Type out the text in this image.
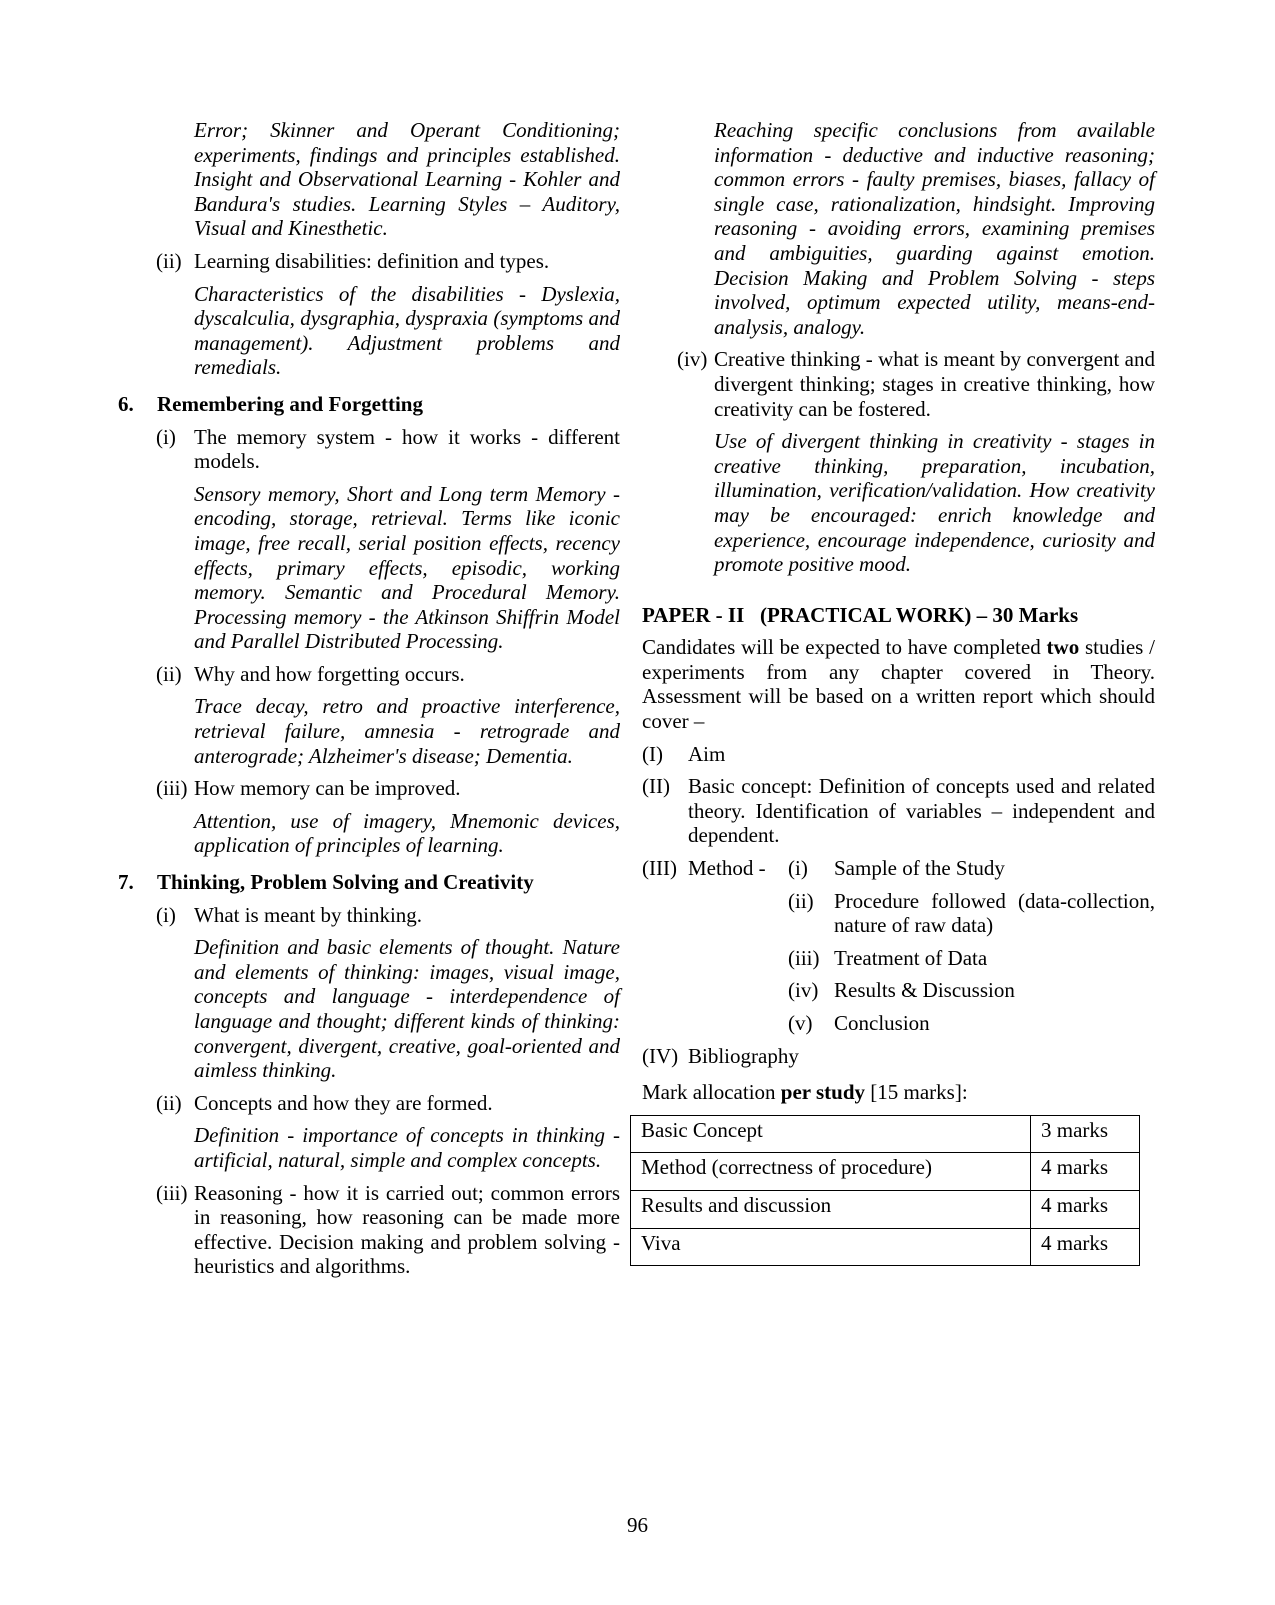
Error; Skinner and Operant Conditioning; experiments, findings and principles established. Insight and Observational Learning - Kohler and Bandura's studies. Learning Styles – Auditory, Visual and Kinesthetic.

(ii) Learning disabilities: definition and types.

Characteristics of the disabilities - Dyslexia, dyscalculia, dysgraphia, dyspraxia (symptoms and management). Adjustment problems and remedials.

6.	Remembering and Forgetting
(i) The memory system - how it works - different models.

Sensory memory, Short and Long term Memory - encoding, storage, retrieval. Terms like iconic image, free recall, serial position effects, recency effects, primary effects, episodic, working memory. Semantic and Procedural Memory. Processing memory - the Atkinson Shiffrin Model and Parallel Distributed Processing.

(ii) Why and how forgetting occurs.

Trace decay, retro and proactive interference, retrieval failure, amnesia - retrograde and anterograde; Alzheimer's disease; Dementia.

(iii) How memory can be improved.

Attention, use of imagery, Mnemonic devices, application of principles of learning.

7.	Thinking, Problem Solving and Creativity
(i) What is meant by thinking.

Definition and basic elements of thought. Nature and elements of thinking: images, visual image, concepts and language - interdependence of language and thought; different kinds of thinking: convergent, divergent, creative, goal-oriented and aimless thinking.

(ii) Concepts and how they are formed.

Definition - importance of concepts in thinking - artificial, natural, simple and complex concepts.

(iii) Reasoning - how it is carried out; common errors in reasoning, how reasoning can be made more effective. Decision making and problem solving - heuristics and algorithms.

Reaching specific conclusions from available information - deductive and inductive reasoning; common errors - faulty premises, biases, fallacy of single case, rationalization, hindsight. Improving reasoning - avoiding errors, examining premises and ambiguities, guarding against emotion. Decision Making and Problem Solving - steps involved, optimum expected utility, means-end-analysis, analogy.

(iv) Creative thinking - what is meant by convergent and divergent thinking; stages in creative thinking, how creativity can be fostered.

Use of divergent thinking in creativity - stages in creative thinking, preparation, incubation, illumination, verification/validation. How creativity may be encouraged: enrich knowledge and experience, encourage independence, curiosity and promote positive mood.

PAPER - II   (PRACTICAL WORK) – 30 Marks

Candidates will be expected to have completed two studies / experiments from any chapter covered in Theory. Assessment will be based on a written report which should cover –

(I)	Aim
(II) Basic concept: Definition of concepts used and related theory. Identification of variables – independent and dependent.
(III) Method -	(i)	Sample of the Study
(ii) Procedure followed (data-collection, nature of raw data)
(iii) Treatment of Data
(iv) Results & Discussion
(v)	Conclusion
(IV) Bibliography

Mark allocation per study [15 marks]:

Basic Concept	3 marks
Method (correctness of procedure)	4 marks
Results and discussion	4 marks
Viva	4 marks
96
